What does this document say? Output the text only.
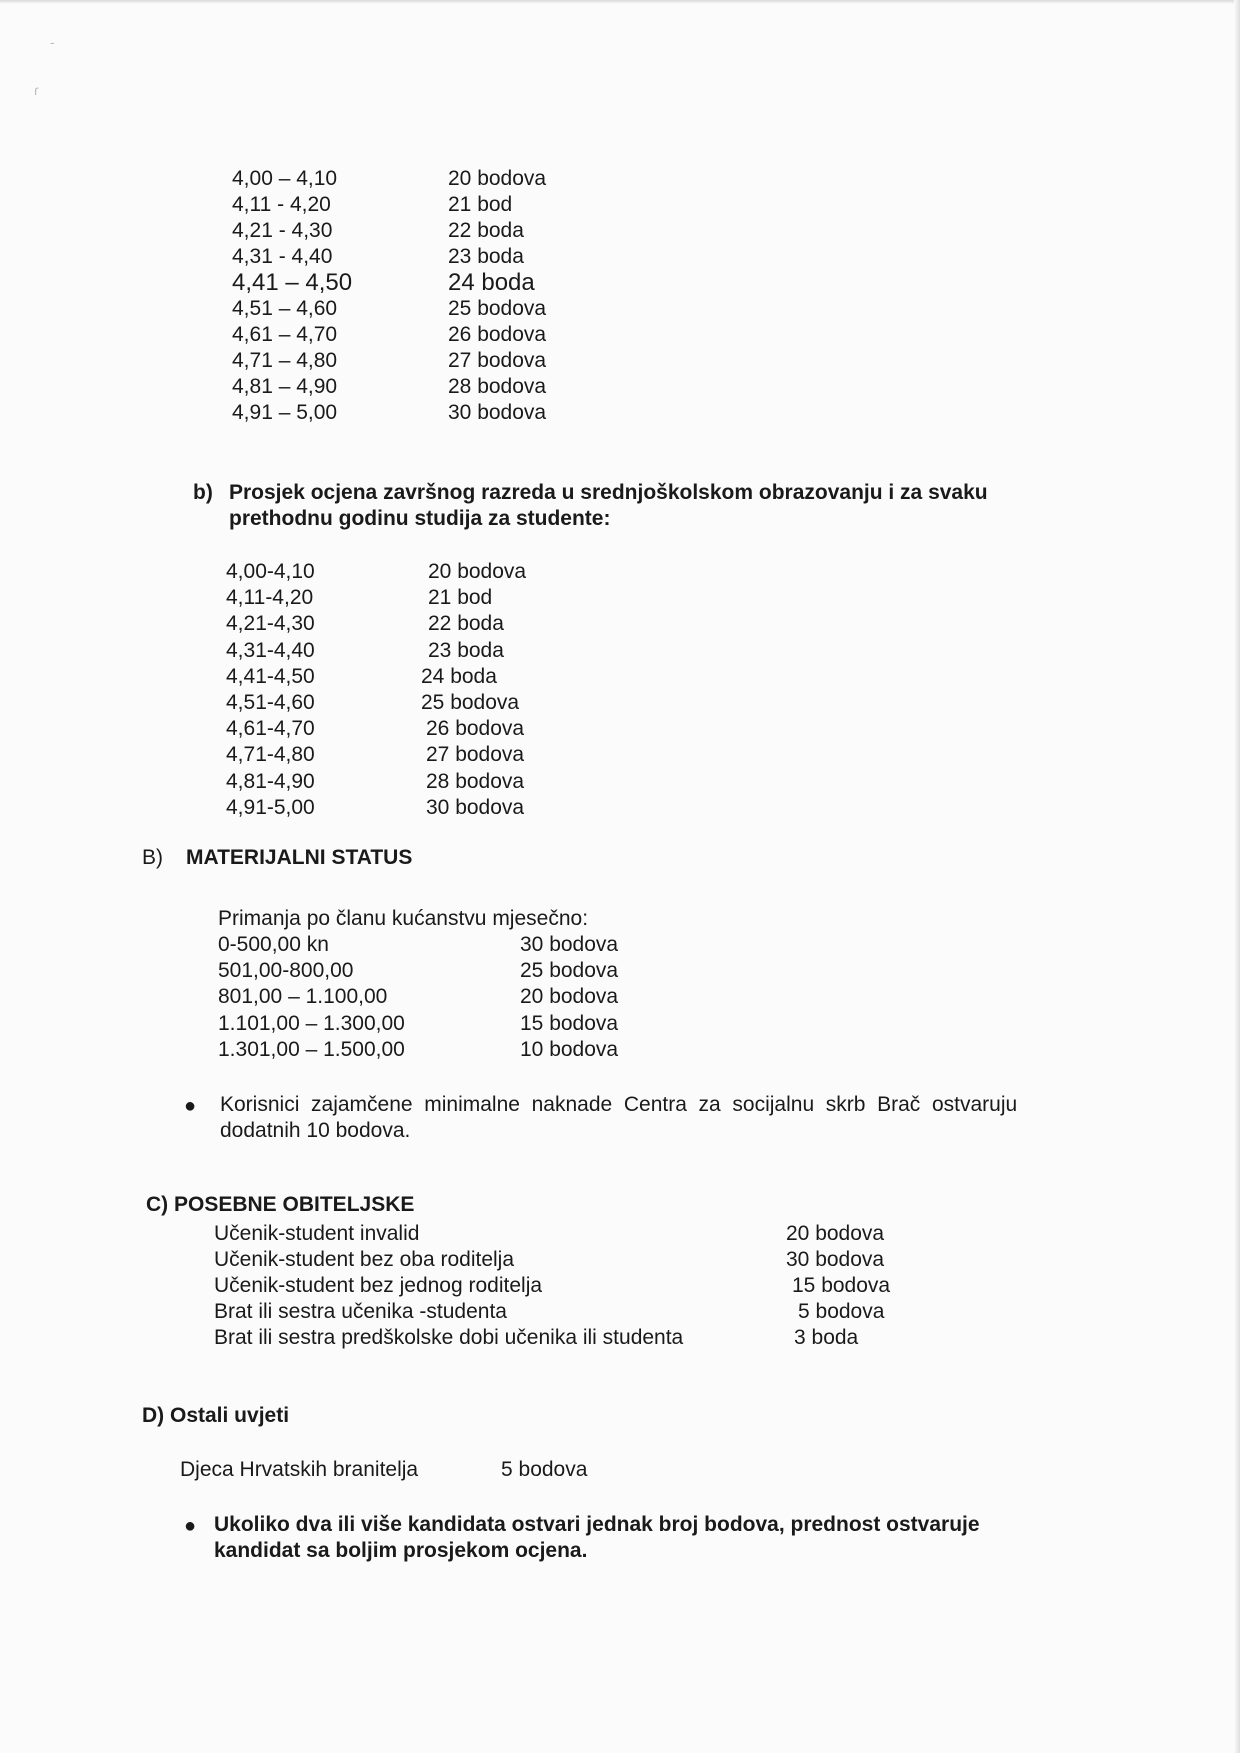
-
ɾ
4,00 – 4,10	20 bodova
4,11 - 4,20	21 bod
4,21 - 4,30	22 boda
4,31 - 4,40	23 boda
4,41 – 4,50	24 boda
4,51 – 4,60	25 bodova
4,61 – 4,70	26 bodova
4,71 – 4,80	27 bodova
4,81 – 4,90	28 bodova
4,91 – 5,00	30 bodova
b) Prosjek ocjena završnog razreda u srednjoškolskom obrazovanju i za svaku
prethodnu godinu studija za studente:
4,00-4,10	20 bodova
4,11-4,20	21 bod
4,21-4,30	22 boda
4,31-4,40	23 boda
4,41-4,50	24 boda
4,51-4,60	25 bodova
4,61-4,70	26 bodova
4,71-4,80	27 bodova
4,81-4,90	28 bodova
4,91-5,00	30 bodova
B) MATERIJALNI STATUS
Primanja po članu kućanstvu mjesečno:
0-500,00 kn	30 bodova
501,00-800,00	25 bodova
801,00 – 1.100,00	20 bodova
1.101,00 – 1.300,00	15 bodova
1.301,00 – 1.500,00	10 bodova
● Korisnici  zajamčene  minimalne  naknade  Centra  za  socijalnu  skrb  Brač  ostvaruju
dodatnih 10 bodova.
C) POSEBNE OBITELJSKE
Učenik-student invalid	20 bodova
Učenik-student bez oba roditelja	30 bodova
Učenik-student bez jednog roditelja	15 bodova
Brat ili sestra učenika -studenta	5 bodova
Brat ili sestra predškolske dobi učenika ili studenta	3 boda
D) Ostali uvjeti
Djeca Hrvatskih branitelja	5 bodova
● Ukoliko dva ili više kandidata ostvari jednak broj bodova, prednost ostvaruje
kandidat sa boljim prosjekom ocjena.
